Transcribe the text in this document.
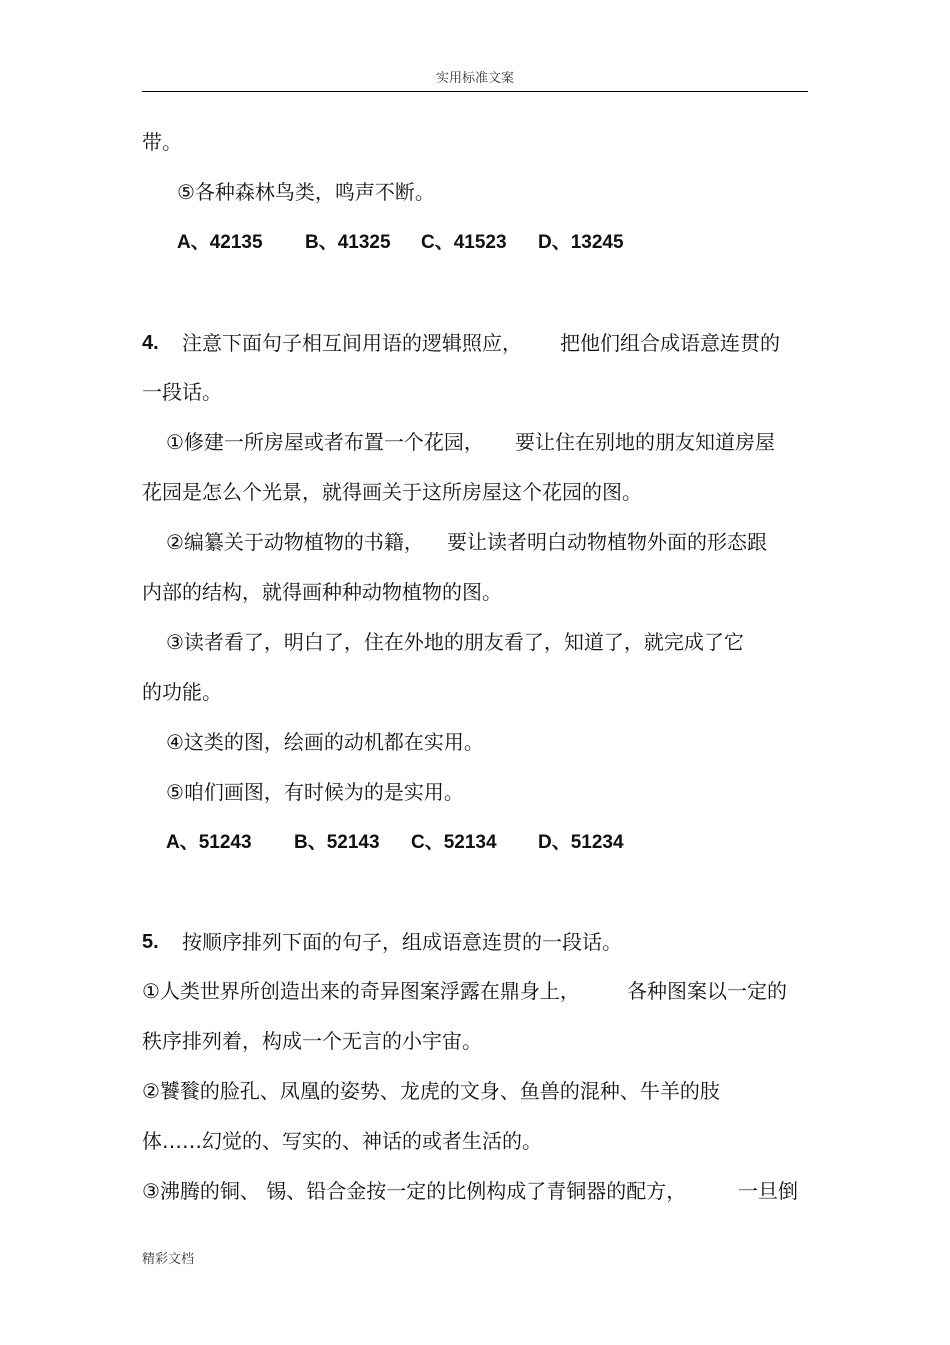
实用标准文案
带。
⑤各种森林鸟类，鸣声不断。
A、42135 B、41325 C、41523 D、13245
4. 注意下面句子相互间用语的逻辑照应， 把他们组合成语意连贯的
一段话。
①修建一所房屋或者布置一个花园， 要让住在别地的朋友知道房屋
花园是怎么个光景，就得画关于这所房屋这个花园的图。
②编纂关于动物植物的书籍， 要让读者明白动物植物外面的形态跟
内部的结构，就得画种种动物植物的图。
③读者看了，明白了，住在外地的朋友看了，知道了，就完成了它
的功能。
④这类的图，绘画的动机都在实用。
⑤咱们画图，有时候为的是实用。
A、51243 B、52143 C、52134 D、51234
5. 按顺序排列下面的句子，组成语意连贯的一段话。
①人类世界所创造出来的奇异图案浮露在鼎身上， 各种图案以一定的
秩序排列着，构成一个无言的小宇宙。
②饕餮的脸孔、凤凰的姿势、龙虎的文身、鱼兽的混种、牛羊的肢
体……幻觉的、写实的、神话的或者生活的。
③沸腾的铜、 锡、铅合金按一定的比例构成了青铜器的配方，	一旦倒
精彩文档
